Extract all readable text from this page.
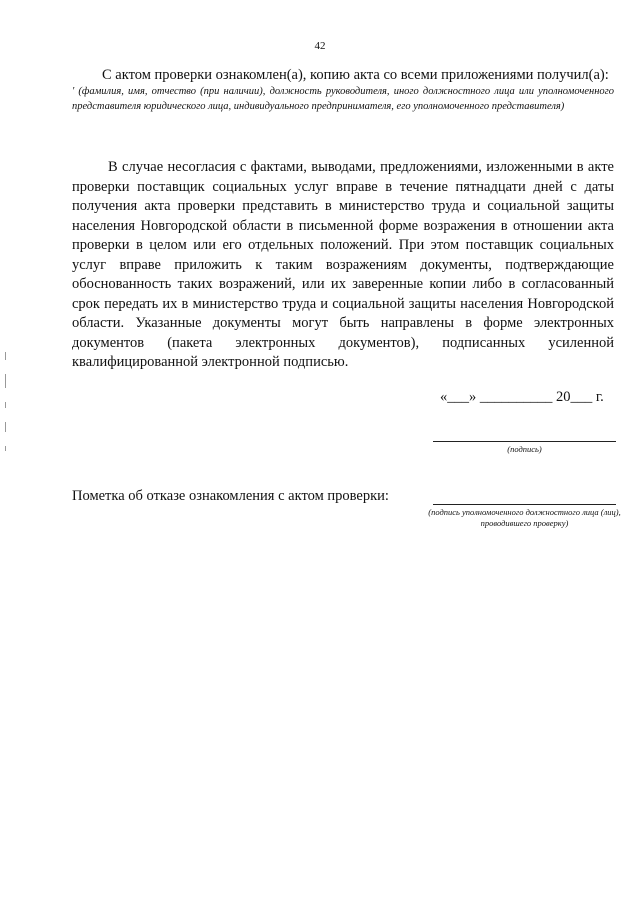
42

С актом проверки ознакомлен(а), копию акта со всеми приложениями получил(а):

' (фамилия, имя, отчество (при наличии), должность руководителя, иного должностного лица или уполномоченного представителя юридического лица, индивидуального предпринимателя, его уполномоченного представителя)

В случае несогласия с фактами, выводами, предложениями, изложенными в акте проверки поставщик социальных услуг вправе в течение пятнадцати дней с даты получения акта проверки представить в министерство труда и социальной защиты населения Новгородской области в письменной форме возражения в отношении акта проверки в целом или его отдельных положений. При этом поставщик социальных услуг вправе приложить к таким возражениям документы, подтверждающие обоснованность таких возражений, или их заверенные копии либо в согласованный срок передать их в министерство труда и социальной защиты населения Новгородской области. Указанные документы могут быть направлены в форме электронных документов (пакета электронных документов), подписанных усиленной квалифицированной электронной подписью.

«___» __________ 20___ г.
(подпись)
Пометка об отказе ознакомления с актом проверки:
(подпись уполномоченного должностного лица (лиц), проводившего проверку)
